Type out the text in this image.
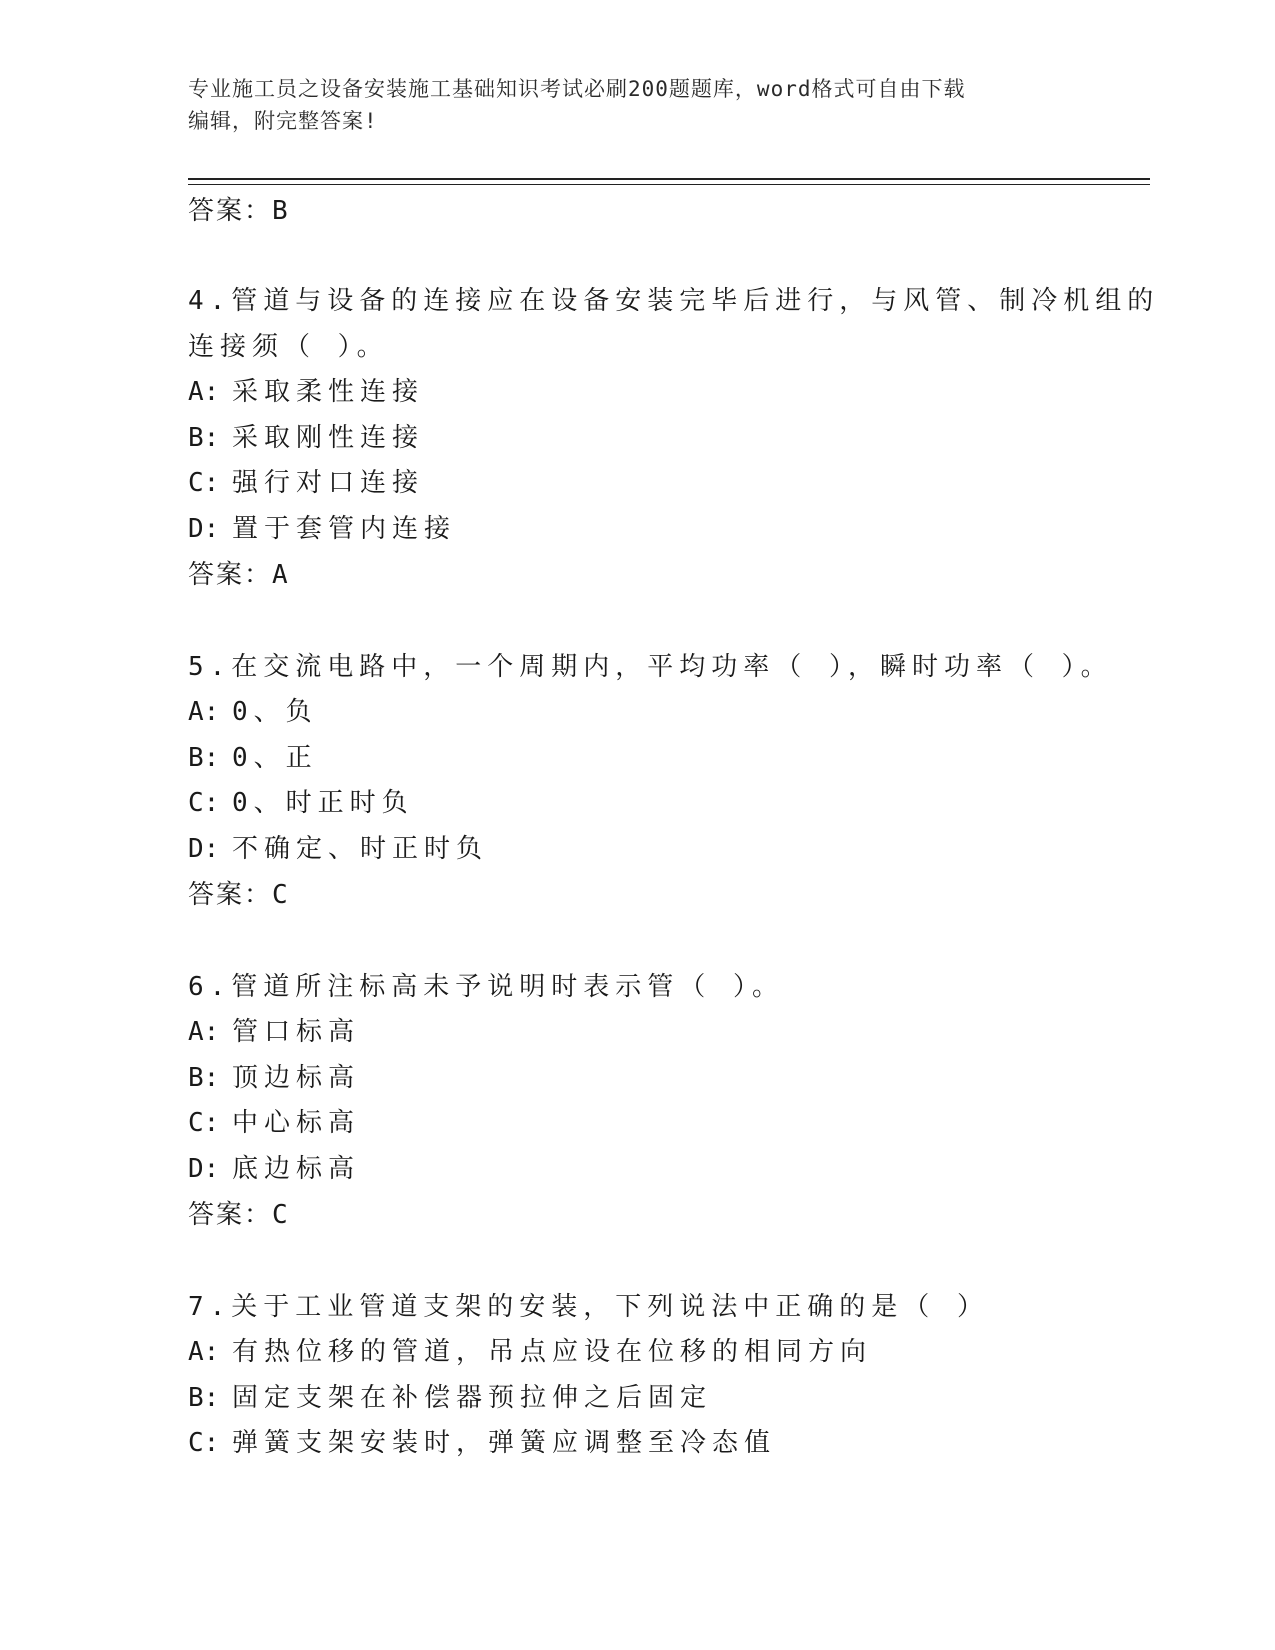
专业施工员之设备安装施工基础知识考试必刷200题题库，word格式可自由下载
编辑，附完整答案!
答案：B
4.管道与设备的连接应在设备安装完毕后进行，与风管、制冷机组的
连接须（ ）。
A: 采取柔性连接
B: 采取刚性连接
C: 强行对口连接
D: 置于套管内连接
答案：A
5.在交流电路中，一个周期内，平均功率（ ），瞬时功率（ ）。
A: 0、负
B: 0、正
C: 0、时正时负
D: 不确定、时正时负
答案：C
6.管道所注标高未予说明时表示管（ ）。
A: 管口标高
B: 顶边标高
C: 中心标高
D: 底边标高
答案：C
7.关于工业管道支架的安装，下列说法中正确的是（ ）
A: 有热位移的管道，吊点应设在位移的相同方向
B: 固定支架在补偿器预拉伸之后固定
C: 弹簧支架安装时，弹簧应调整至冷态值
